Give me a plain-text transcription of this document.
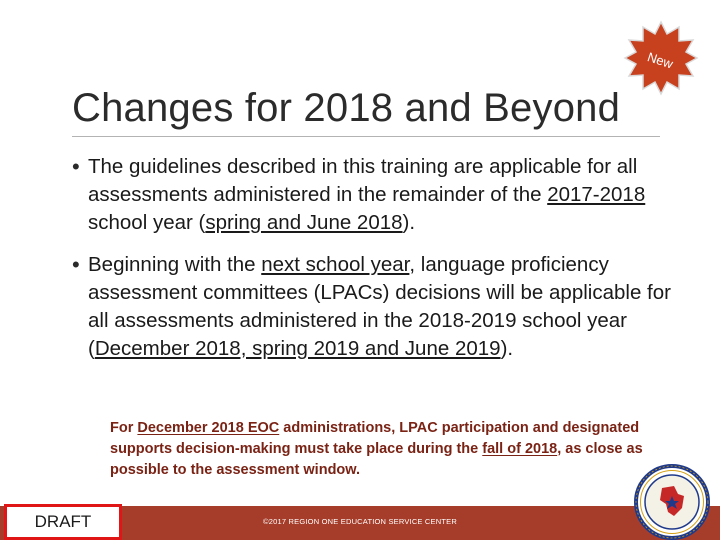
New
Changes for 2018 and Beyond
• The guidelines described in this training are applicable for all assessments administered in the remainder of the 2017-2018 school year (spring and June 2018).
• Beginning with the next school year, language proficiency assessment committees (LPACs) decisions will be applicable for all assessments administered in the 2018-2019 school year (December 2018, spring 2019 and June 2019).
For December 2018 EOC administrations, LPAC participation and designated supports decision-making must take place during the fall of 2018, as close as possible to the assessment window.
DRAFT	©2017 REGION ONE EDUCATION SERVICE CENTER
